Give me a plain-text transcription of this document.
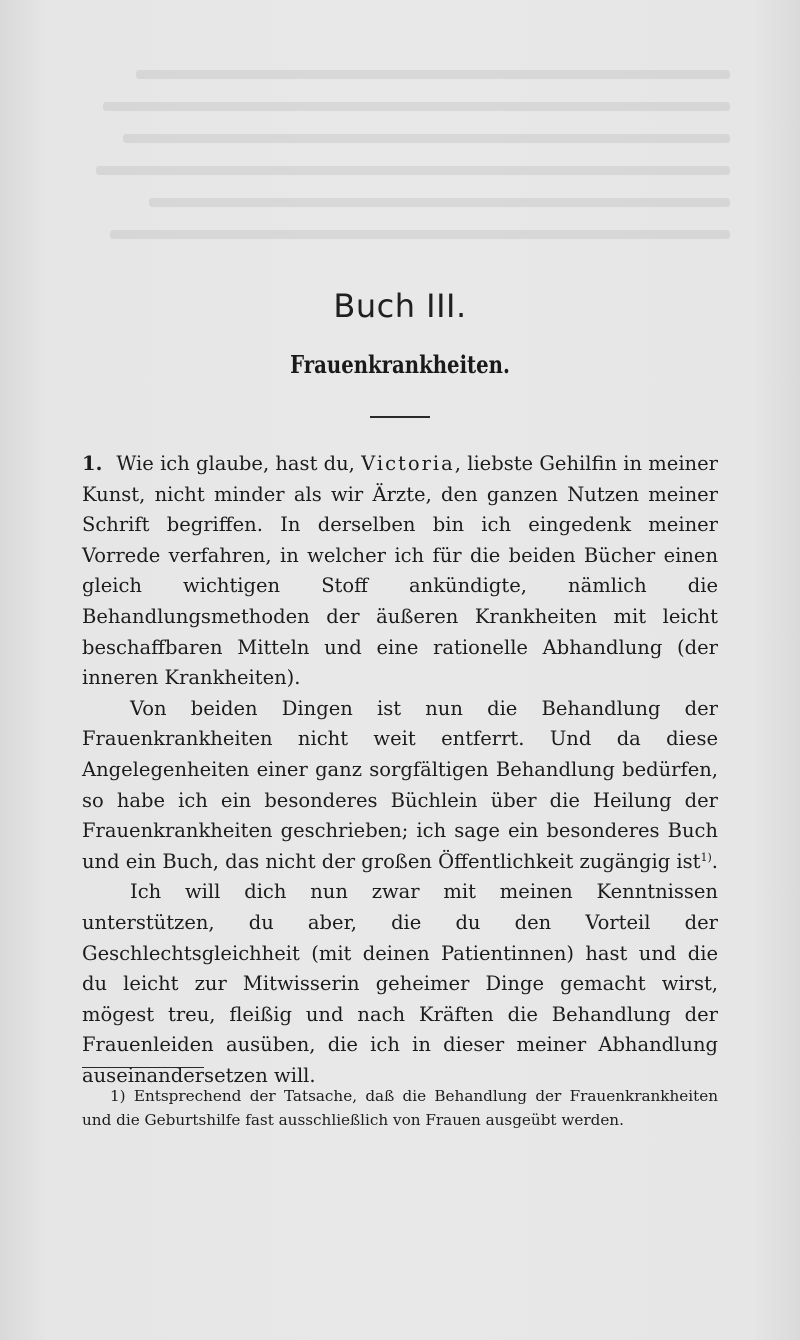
Buch III.
Frauenkrankheiten.

1. Wie ich glaube, hast du, Victoria, liebste Gehilfin in meiner Kunst, nicht minder als wir Ärzte, den ganzen Nutzen meiner Schrift begriffen. In derselben bin ich eingedenk meiner Vorrede verfahren, in welcher ich für die beiden Bücher einen gleich wichtigen Stoff ankündigte, nämlich die Behandlungsmethoden der äußeren Krankheiten mit leicht beschaffbaren Mitteln und eine rationelle Abhandlung (der inneren Krankheiten).

Von beiden Dingen ist nun die Behandlung der Frauenkrankheiten nicht weit entferrt. Und da diese Angelegenheiten einer ganz sorgfältigen Behandlung bedürfen, so habe ich ein besonderes Büchlein über die Heilung der Frauenkrankheiten geschrieben; ich sage ein besonderes Buch und ein Buch, das nicht der großen Öffentlichkeit zugängig ist$^{1)}$.

Ich will dich nun zwar mit meinen Kenntnissen unterstützen, du aber, die du den Vorteil der Geschlechtsgleichheit (mit deinen Patientinnen) hast und die du leicht zur Mitwisserin geheimer Dinge gemacht wirst, mögest treu, fleißig und nach Kräften die Behandlung der Frauenleiden ausüben, die ich in dieser meiner Abhandlung auseinandersetzen will.

1) Entsprechend der Tatsache, daß die Behandlung der Frauenkrankheiten und die Geburtshilfe fast ausschließlich von Frauen ausgeübt werden.
